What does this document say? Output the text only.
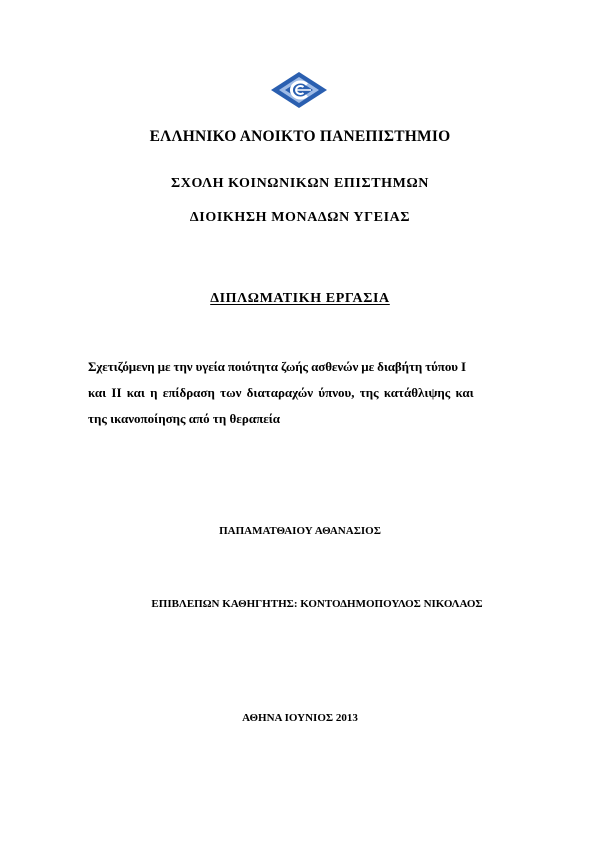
ΕΛΛΗΝΙΚΟ ΑΝΟΙΚΤΟ ΠΑΝΕΠΙΣΤΗΜΙΟ
ΣΧΟΛΗ ΚΟΙΝΩΝΙΚΩΝ ΕΠΙΣΤΗΜΩΝ
ΔΙΟΙΚΗΣΗ ΜΟΝΑΔΩΝ ΥΓΕΙΑΣ
ΔΙΠΛΩΜΑΤΙΚΗ ΕΡΓΑΣΙΑ
Σχετιζόμενη με την υγεία ποιότητα ζωής ασθενών με διαβήτη τύπου Ι
και ΙΙ και η επίδραση των διαταραχών ύπνου, της κατάθλιψης και
της ικανοποίησης από τη θεραπεία
ΠΑΠΑΜΑΤΘΑΙΟΥ ΑΘΑΝΑΣΙΟΣ
ΕΠΙΒΛΕΠΩΝ ΚΑΘΗΓΗΤΗΣ: ΚΟΝΤΟΔΗΜΟΠΟΥΛΟΣ ΝΙΚΟΛΑΟΣ
ΑΘΗΝΑ ΙΟΥΝΙΟΣ 2013
